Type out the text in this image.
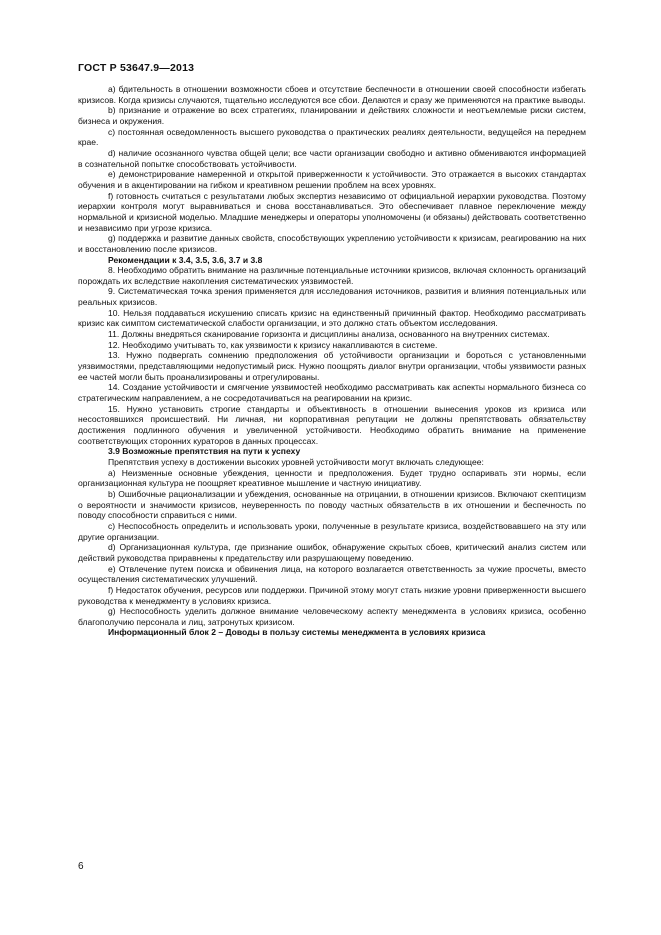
ГОСТ Р 53647.9—2013

a) бдительность в отношении возможности сбоев и отсутствие беспечности в отношении своей способности избегать кризисов. Когда кризисы случаются, тщательно исследуются все сбои. Делаются и сразу же применяются на практике выводы.

b) признание и отражение во всех стратегиях, планировании и действиях сложности и неотъемлемые риски систем, бизнеса и окружения.

c) постоянная осведомленность высшего руководства о практических реалиях деятельности, ведущейся на переднем крае.

d) наличие осознанного чувства общей цели; все части организации свободно и активно обмениваются информацией в сознательной попытке способствовать устойчивости.

e) демонстрирование намеренной и открытой приверженности к устойчивости. Это отражается в высоких стандартах обучения и в акцентировании на гибком и креативном решении проблем на всех уровнях.

f) готовность считаться с результатами любых экспертиз независимо от официальной иерархии руководства. Поэтому иерархии контроля могут выравниваться и снова восстанавливаться. Это обеспечивает плавное переключение между нормальной и кризисной моделью. Младшие менеджеры и операторы уполномочены (и обязаны) действовать соответственно и независимо при угрозе кризиса.

g) поддержка и развитие данных свойств, способствующих укреплению устойчивости к кризисам, реагированию на них и восстановлению после кризисов.

Рекомендации к 3.4, 3.5, 3.6, 3.7 и 3.8

8. Необходимо обратить внимание на различные потенциальные источники кризисов, включая склонность организаций порождать их вследствие накопления систематических уязвимостей.

9. Систематическая точка зрения применяется для исследования источников, развития и влияния потенциальных или реальных кризисов.

10. Нельзя поддаваться искушению списать кризис на единственный причинный фактор. Необходимо рассматривать кризис как симптом систематической слабости организации, и это должно стать объектом исследования.

11. Должны внедряться сканирование горизонта и дисциплины анализа, основанного на внутренних системах.

12. Необходимо учитывать то, как уязвимости к кризису накапливаются в системе.

13. Нужно подвергать сомнению предположения об устойчивости организации и бороться с установленными уязвимостями, представляющими недопустимый риск. Нужно поощрять диалог внутри организации, чтобы уязвимости разных ее частей могли быть проанализированы и отрегулированы.

14. Создание устойчивости и смягчение уязвимостей необходимо рассматривать как аспекты нормального бизнеса со стратегическим направлением, а не сосредотачиваться на реагировании на кризис.

15. Нужно установить строгие стандарты и объективность в отношении вынесения уроков из кризиса или несостоявшихся происшествий. Ни личная, ни корпоративная репутации не должны препятствовать обязательству достижения подлинного обучения и увеличенной устойчивости. Необходимо обратить внимание на применение соответствующих сторонних кураторов в данных процессах.

3.9 Возможные препятствия на пути к успеху

Препятствия успеху в достижении высоких уровней устойчивости могут включать следующее:

a) Неизменные основные убеждения, ценности и предположения. Будет трудно оспаривать эти нормы, если организационная культура не поощряет креативное мышление и частную инициативу.

b) Ошибочные рационализации и убеждения, основанные на отрицании, в отношении кризисов. Включают скептицизм о вероятности и значимости кризисов, неуверенность по поводу частных обязательств в их отношении и беспечность по поводу способности справиться с ними.

c) Неспособность определить и использовать уроки, полученные в результате кризиса, воздействовавшего на эту или другие организации.

d) Организационная культура, где признание ошибок, обнаружение скрытых сбоев, критический анализ систем или действий руководства приравнены к предательству или разрушающему поведению.

e) Отвлечение путем поиска и обвинения лица, на которого возлагается ответственность за чужие просчеты, вместо осуществления систематических улучшений.

f) Недостаток обучения, ресурсов или поддержки. Причиной этому могут стать низкие уровни приверженности высшего руководства к менеджменту в условиях кризиса.

g) Неспособность уделить должное внимание человеческому аспекту менеджмента в условиях кризиса, особенно благополучию персонала и лиц, затронутых кризисом.

Информационный блок 2 – Доводы в пользу системы менеджмента в условиях кризиса

6
